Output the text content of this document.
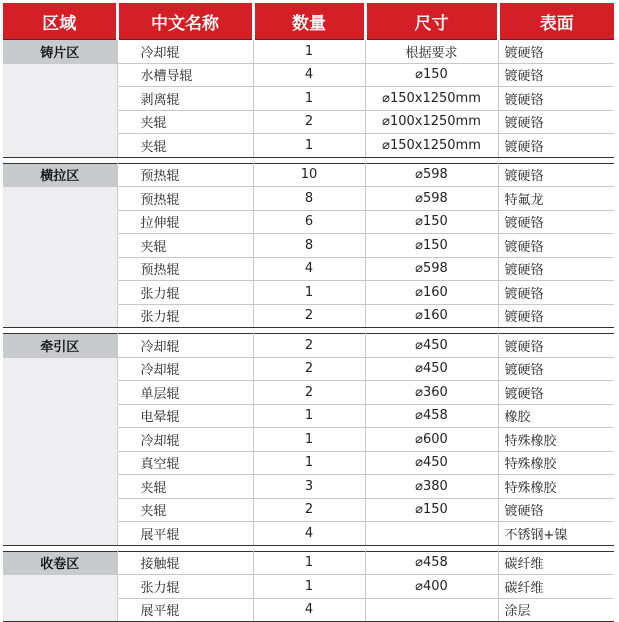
区域	中文名称	数量	尺寸	表面
铸片区	冷却辊	1	根据要求	镀硬铬
	水槽导辊	4	⌀150	镀硬铬
	剥离辊	1	⌀150x1250mm	镀硬铬
	夹辊	2	⌀100x1250mm	镀硬铬
	夹辊	1	⌀150x1250mm	镀硬铬

横拉区	预热辊	10	⌀598	镀硬铬
	预热辊	8	⌀598	特氟龙
	拉伸辊	6	⌀150	镀硬铬
	夹辊	8	⌀150	镀硬铬
	预热辊	4	⌀598	镀硬铬
	张力辊	1	⌀160	镀硬铬
	张力辊	2	⌀160	镀硬铬

牵引区	冷却辊	2	⌀450	镀硬铬
	冷却辊	2	⌀450	镀硬铬
	单层辊	2	⌀360	镀硬铬
	电晕辊	1	⌀458	橡胶
	冷却辊	1	⌀600	特殊橡胶
	真空辊	1	⌀450	特殊橡胶
	夹辊	3	⌀380	特殊橡胶
	夹辊	2	⌀150	镀硬铬
	展平辊	4		不锈钢+镍

收卷区	接触辊	1	⌀458	碳纤维
	张力辊	1	⌀400	碳纤维
	展平辊	4		涂层
